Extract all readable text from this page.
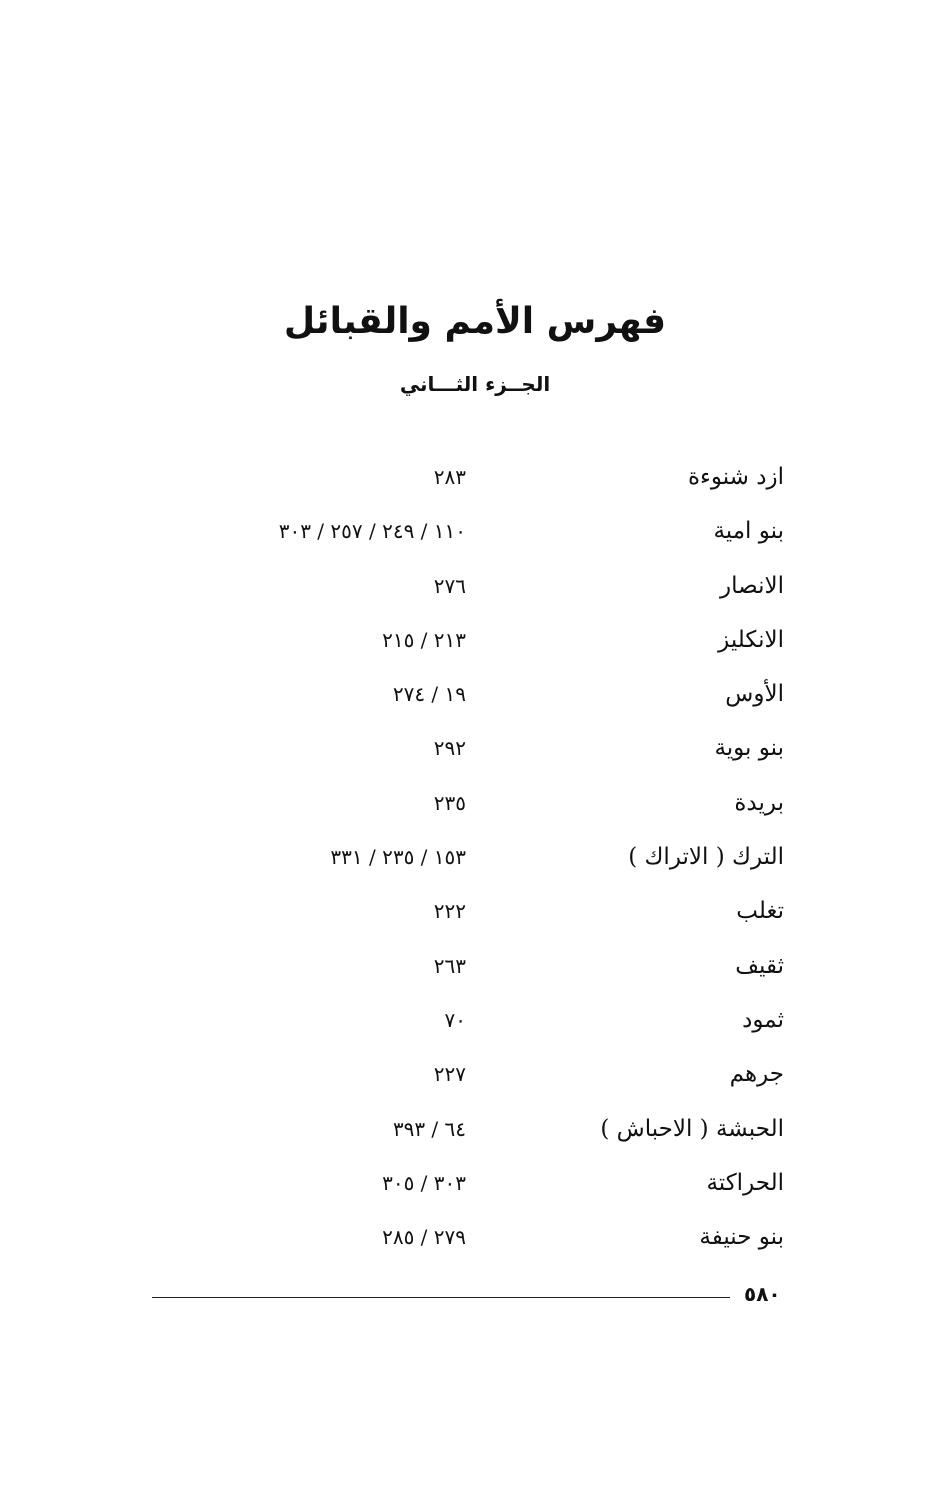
فهرس الأمم والقبائل
الجــزء الثـــاني
ازد شنوءة
٢٨٣
بنو امية
١١٠ / ٢٤٩ / ٢٥٧ / ٣٠٣
الانصار
٢٧٦
الانكليز
٢١٣ / ٢١٥
الأوس
١٩ / ٢٧٤
بنو بوية
٢٩٢
بريدة
٢٣٥
الترك ( الاتراك )
١٥٣ / ٢٣٥ / ٣٣١
تغلب
٢٢٢
ثقيف
٢٦٣
ثمود
٧٠
جرهم
٢٢٧
الحبشة ( الاحباش )
٦٤ / ٣٩٣
الحراكتة
٣٠٣ / ٣٠٥
بنو حنيفة
٢٧٩ / ٢٨٥
٥٨٠
